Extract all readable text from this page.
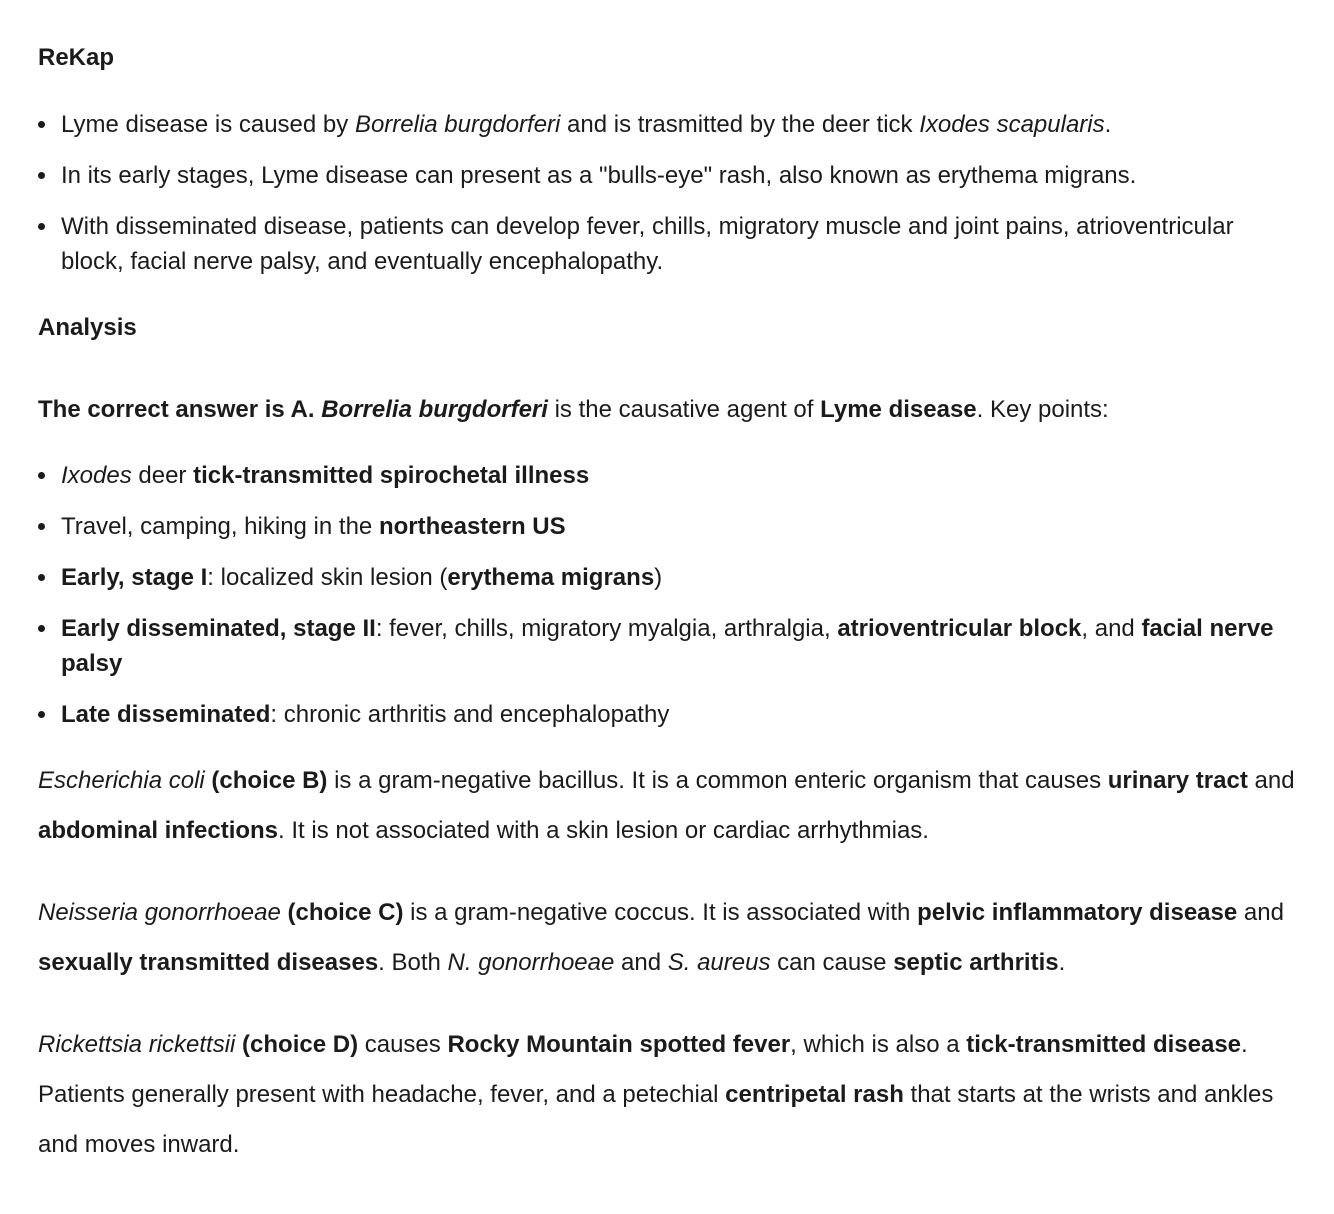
ReKap
Lyme disease is caused by Borrelia burgdorferi and is trasmitted by the deer tick Ixodes scapularis.
In its early stages, Lyme disease can present as a "bulls-eye" rash, also known as erythema migrans.
With disseminated disease, patients can develop fever, chills, migratory muscle and joint pains, atrioventricular block, facial nerve palsy, and eventually encephalopathy.
Analysis

The correct answer is A. Borrelia burgdorferi is the causative agent of Lyme disease. Key points:

Ixodes deer tick-transmitted spirochetal illness
Travel, camping, hiking in the northeastern US
Early, stage I: localized skin lesion (erythema migrans)
Early disseminated, stage II: fever, chills, migratory myalgia, arthralgia, atrioventricular block, and facial nerve palsy
Late disseminated: chronic arthritis and encephalopathy

Escherichia coli (choice B) is a gram-negative bacillus. It is a common enteric organism that causes urinary tract and abdominal infections. It is not associated with a skin lesion or cardiac arrhythmias.

Neisseria gonorrhoeae (choice C) is a gram-negative coccus. It is associated with pelvic inflammatory disease and sexually transmitted diseases. Both N. gonorrhoeae and S. aureus can cause septic arthritis.

Rickettsia rickettsii (choice D) causes Rocky Mountain spotted fever, which is also a tick-transmitted disease. Patients generally present with headache, fever, and a petechial centripetal rash that starts at the wrists and ankles and moves inward.
